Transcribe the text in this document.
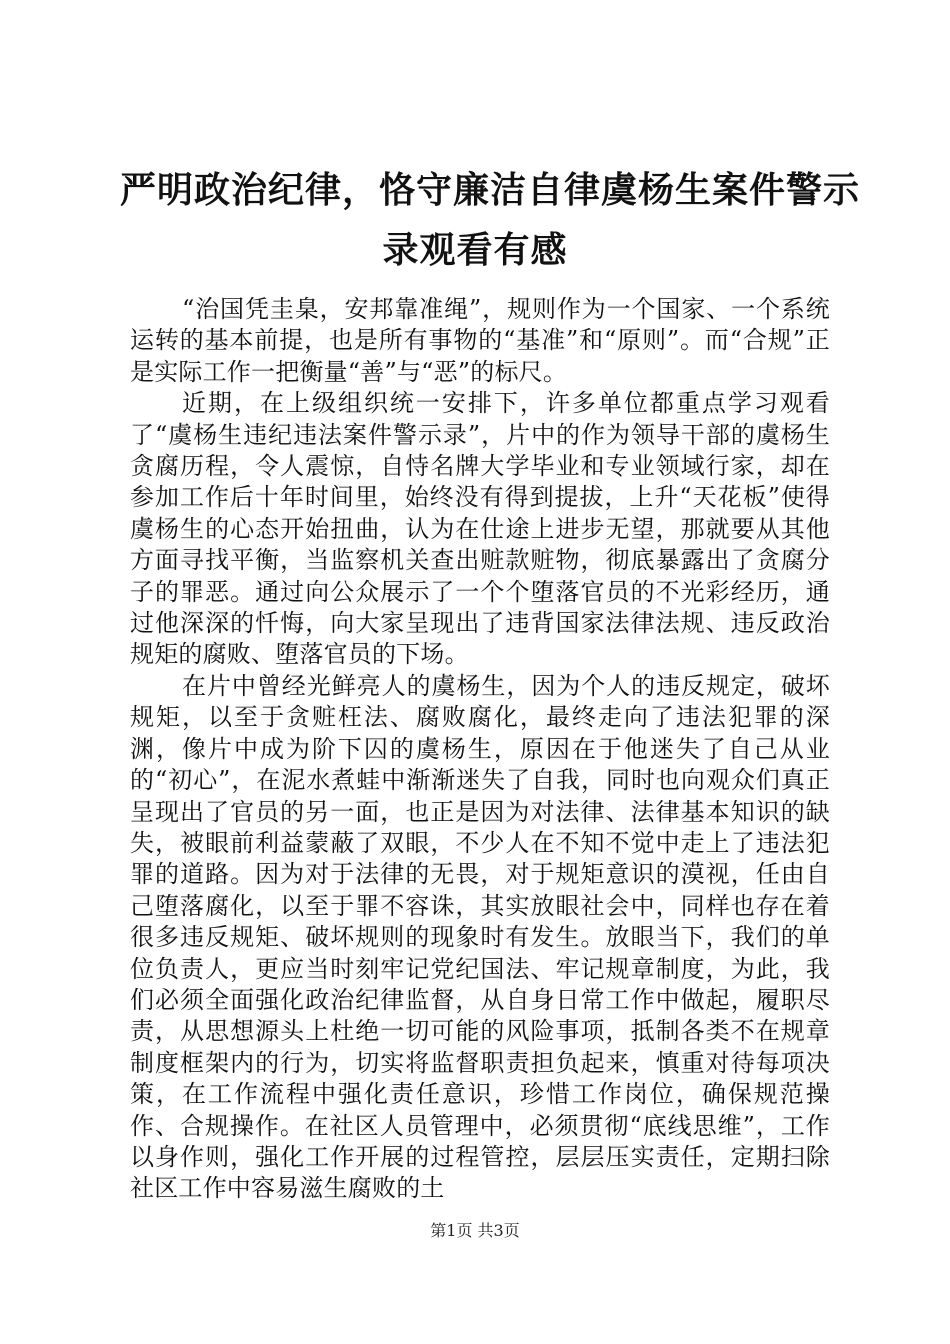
严明政治纪律，恪守廉洁自律虞杨生案件警示
录观看有感

“治国凭圭臬，安邦靠准绳”，规则作为一个国家、一个系统运转的基本前提，也是所有事物的“基准”和“原则”。而“合规”正是实际工作一把衡量“善”与“恶”的标尺。

近期，在上级组织统一安排下，许多单位都重点学习观看了“虞杨生违纪违法案件警示录”，片中的作为领导干部的虞杨生贪腐历程，令人震惊，自恃名牌大学毕业和专业领域行家，却在参加工作后十年时间里，始终没有得到提拔，上升“天花板”使得虞杨生的心态开始扭曲，认为在仕途上进步无望，那就要从其他方面寻找平衡，当监察机关查出赃款赃物，彻底暴露出了贪腐分子的罪恶。通过向公众展示了一个个堕落官员的不光彩经历，通过他深深的忏悔，向大家呈现出了违背国家法律法规、违反政治规矩的腐败、堕落官员的下场。

在片中曾经光鲜亮人的虞杨生，因为个人的违反规定，破坏规矩，以至于贪赃枉法、腐败腐化，最终走向了违法犯罪的深渊，像片中成为阶下囚的虞杨生，原因在于他迷失了自己从业的“初心”，在泥水煮蛙中渐渐迷失了自我，同时也向观众们真正呈现出了官员的另一面，也正是因为对法律、法律基本知识的缺失，被眼前利益蒙蔽了双眼，不少人在不知不觉中走上了违法犯罪的道路。因为对于法律的无畏，对于规矩意识的漠视，任由自己堕落腐化，以至于罪不容诛，其实放眼社会中，同样也存在着很多违反规矩、破坏规则的现象时有发生。放眼当下，我们的单位负责人，更应当时刻牢记党纪国法、牢记规章制度，为此，我们必须全面强化政治纪律监督，从自身日常工作中做起，履职尽责，从思想源头上杜绝一切可能的风险事项，抵制各类不在规章制度框架内的行为，切实将监督职责担负起来，慎重对待每项决策，在工作流程中强化责任意识，珍惜工作岗位，确保规范操作、合规操作。在社区人员管理中，必须贯彻“底线思维”，工作以身作则，强化工作开展的过程管控，层层压实责任，定期扫除社区工作中容易滋生腐败的土

第1页 共3页
